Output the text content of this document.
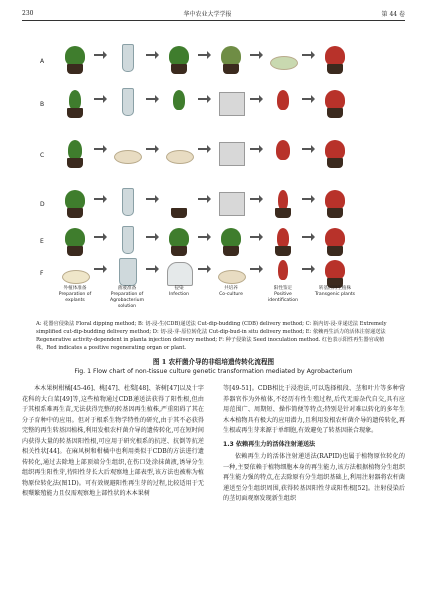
230	华中农业大学学报	第 44 卷
A
B
C
D
E
F
外植体准备
Preparation of
explants
菌液准备
Preparation of
Agrobacterium
solution
侵染
Infection
共培养
Co-culture
阳性鉴定
Positive identification
转基因再生植株
Transgenic plants
A: 花器官侵染法 Floral dipping method; B: 切-浸-生(CDB)递送法 Cut-dip-budding (CDB) delivery method; C: 瓶内切-浸-芽递送法 Extremely simplified cut-dip-budding delivery method; D: 切-浸-芽-原位转化法 Cut-dip-bud-in situ delivery method; E: 依赖再生活力的活体注射递送法 Regenerative activity-dependent in planta injection delivery method; F: 种子侵染法 Seed inoculation method. 红色表示阳性再生器官或植株。Red indicates a positive regenerating organ or plant.
图 1 农杆菌介导的非组培遗传转化流程图
Fig. 1 Flow chart of non-tissue culture genetic transformation mediated by Agrobacterium

本木果树柑橘[45-46]、桃[47]、杜梨[48]、茶树[47]以及十字花科的大白菜[49]等,这些植物通过CDB递送法获得了阳性根,但由于其根系难再生苗,无法获得完整的转基因再生植株,严重阻碍了其在分子育种中的应用。但对于根系生物学特性的研究,由于其不必获得完整的再生转基因植株,利用发根农杆菌介导的遗传转化,可在短时间内获得大量的转基因阳性根,可应用于研究根系的抗逆、抗倒等抗逆相关性状[44]。在麻风树和柑橘中也利用类似于CDB的方法进行遗传转化,通过去除地上部顶端分生组织,在伤口处涂抹菌液,诱导分生组织再生阳性芽,待阳性芽长大后观察地上部表型,该方法也被称为植物原位转化法(图1D)。可有效规避阳性再生芽的过程,比较适用于无根蘖繁殖能力且仅需观察地上部性状的木本果树

等[49-51]。CDB相比于浸泡法,可以选择根段、茎和叶片等多种营养器官作为外植体,不经历有性生殖过程,后代无需杂代自交,具有应用范围广、周期短、操作简便等特点;特别是针对难以转化的多年生木本植物具有极大的应用潜力,且利用发根农杆菌介导的遗传转化,再生根或再生芽来源于单细胞,有效避免了转基因嵌合现象。

1.3 依赖再生力的活体注射递送法

依赖再生力的活体注射递送法(RAPID)也属于植物原位转化的一种,主要依赖于植物细胞本身的再生能力,该方法根据植物分生组织再生能力强的特点,在去除原有分生组织基础上,利用注射器将农杆菌递送至分生组织周围,获得转基因阳性芽或阳性根[52]。注射侵染后的茎切面观察发现新生组织
